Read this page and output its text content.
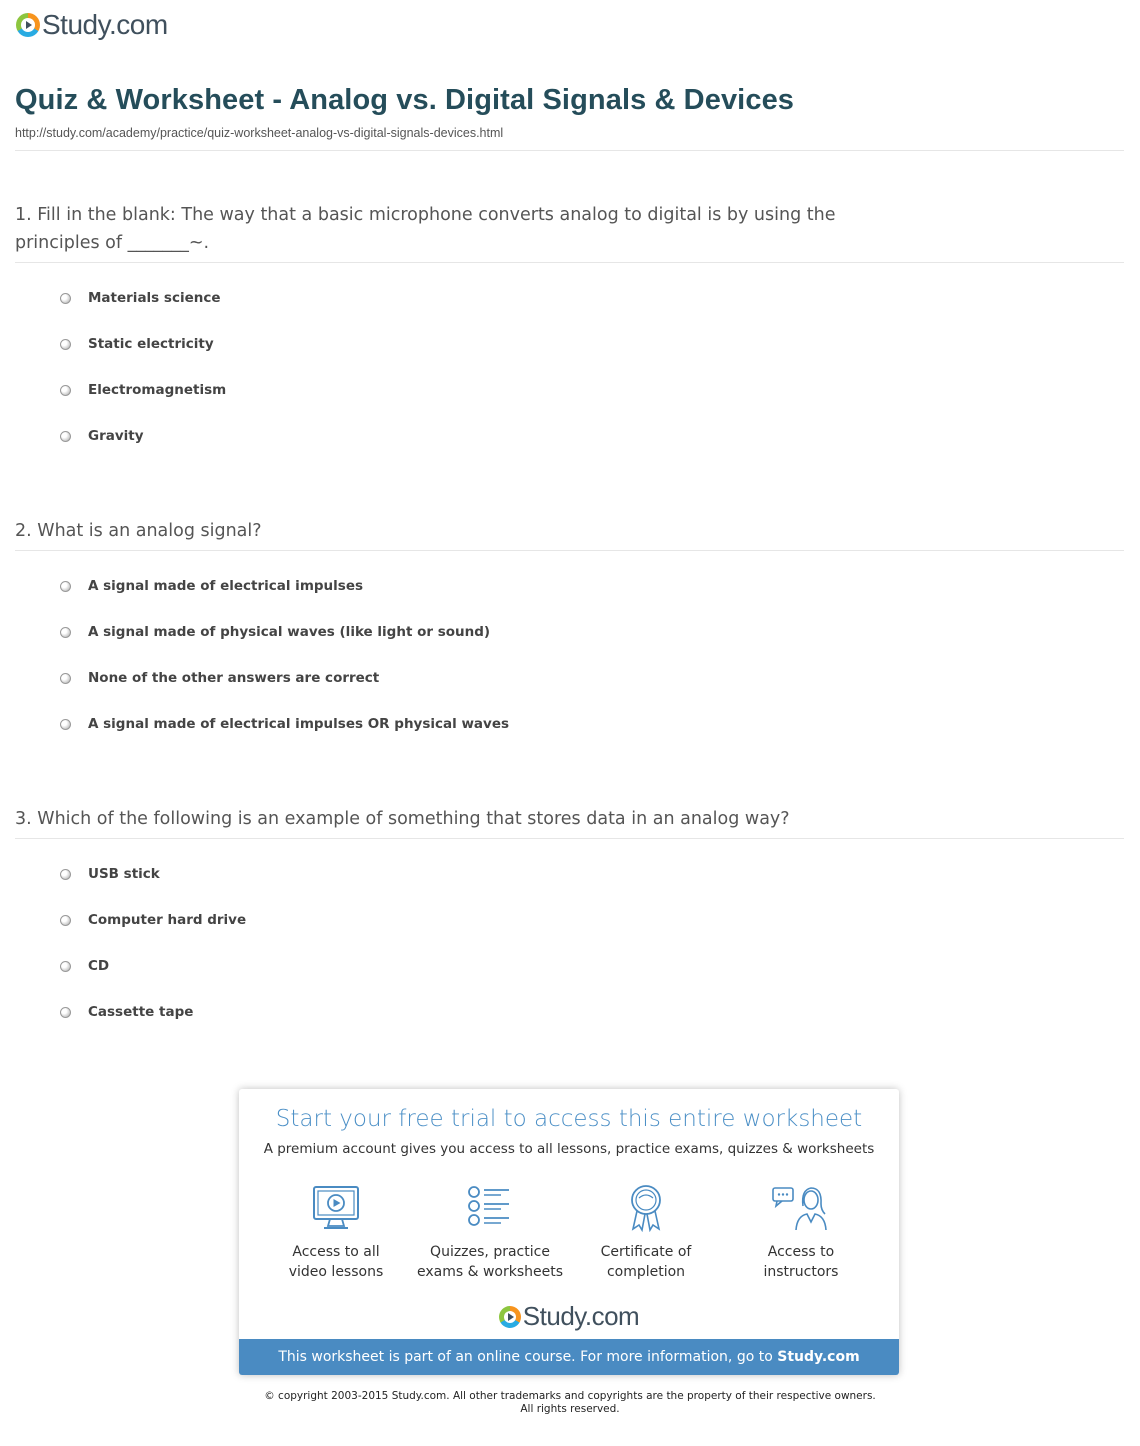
Study.com
Quiz & Worksheet - Analog vs. Digital Signals & Devices
http://study.com/academy/practice/quiz-worksheet-analog-vs-digital-signals-devices.html
1. Fill in the blank: The way that a basic microphone converts analog to digital is by using the principles of _______~.
Materials science
Static electricity
Electromagnetism
Gravity
2. What is an analog signal?
A signal made of electrical impulses
A signal made of physical waves (like light or sound)
None of the other answers are correct
A signal made of electrical impulses OR physical waves
3. Which of the following is an example of something that stores data in an analog way?
USB stick
Computer hard drive
CD
Cassette tape
Start your free trial to access this entire worksheet
A premium account gives you access to all lessons, practice exams, quizzes & worksheets
Access to all
video lessons
Quizzes, practice
exams & worksheets
Certificate of
completion
Access to
instructors
Study.com
This worksheet is part of an online course. For more information, go to Study.com
© copyright 2003-2015 Study.com. All other trademarks and copyrights are the property of their respective owners.
All rights reserved.
